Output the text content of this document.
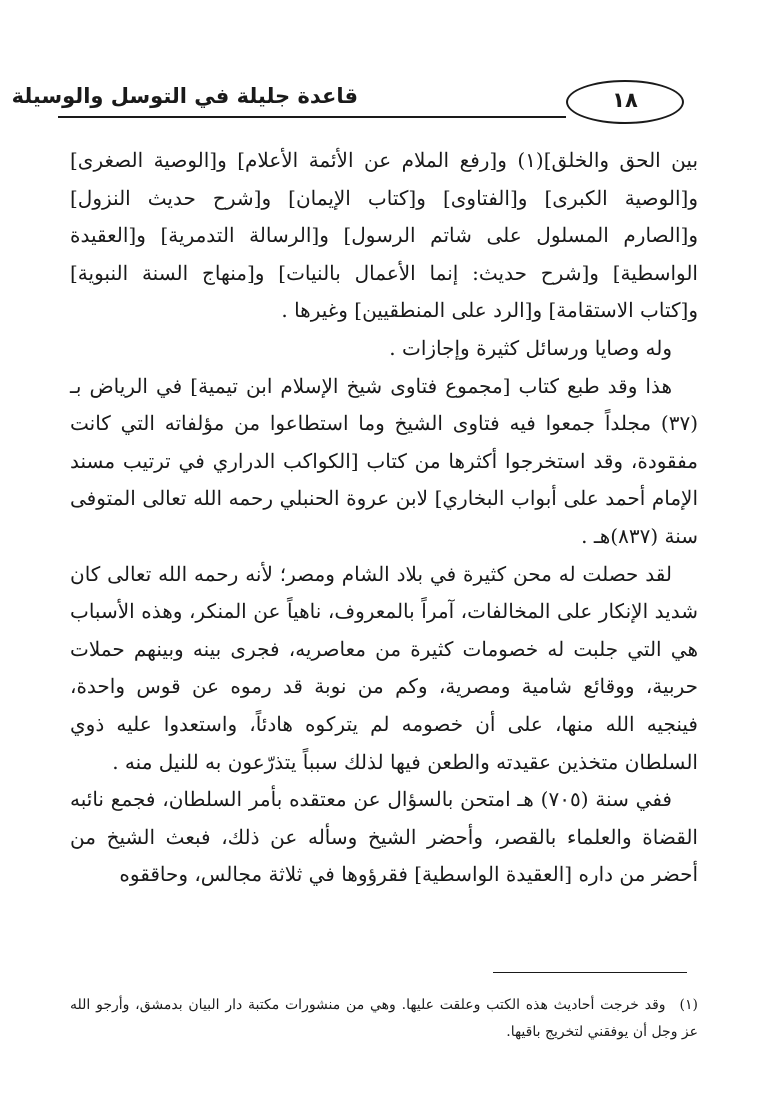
قاعدة جليلة في التوسل والوسيلة	١٨

بين الحق والخلق](١) و[رفع الملام عن الأئمة الأعلام] و[الوصية الصغرى] و[الوصية الكبرى] و[الفتاوى] و[كتاب الإيمان] و[شرح حديث النزول] و[الصارم المسلول على شاتم الرسول] و[الرسالة التدمرية] و[العقيدة الواسطية] و[شرح حديث: إنما الأعمال بالنيات] و[منهاج السنة النبوية] و[كتاب الاستقامة] و[الرد على المنطقيين] وغيرها .

وله وصايا ورسائل كثيرة وإجازات .

هذا وقد طبع كتاب [مجموع فتاوى شيخ الإسلام ابن تيمية] في الرياض بـ (٣٧) مجلداً جمعوا فيه فتاوى الشيخ وما استطاعوا من مؤلفاته التي كانت مفقودة، وقد استخرجوا أكثرها من كتاب [الكواكب الدراري في ترتيب مسند الإمام أحمد على أبواب البخاري] لابن عروة الحنبلي رحمه الله تعالى المتوفى سنة (٨٣٧)هـ .

لقد حصلت له محن كثيرة في بلاد الشام ومصر؛ لأنه رحمه الله تعالى كان شديد الإنكار على المخالفات، آمراً بالمعروف، ناهياً عن المنكر، وهذه الأسباب هي التي جلبت له خصومات كثيرة من معاصريه، فجرى بينه وبينهم حملات حربية، ووقائع شامية ومصرية، وكم من نوبة قد رموه عن قوس واحدة، فينجيه الله منها، على أن خصومه لم يتركوه هادئاً، واستعدوا عليه ذوي السلطان متخذين عقيدته والطعن فيها لذلك سبباً يتذرّعون به للنيل منه .

ففي سنة (٧٠٥) هـ امتحن بالسؤال عن معتقده بأمر السلطان، فجمع نائبه القضاة والعلماء بالقصر، وأحضر الشيخ وسأله عن ذلك، فبعث الشيخ من أحضر من داره [العقيدة الواسطية] فقرؤوها في ثلاثة مجالس، وحاققوه

(١)وقد خرجت أحاديث هذه الكتب وعلقت عليها. وهي من منشورات مكتبة دار البيان بدمشق، وأرجو الله عز وجل أن يوفقني لتخريج باقيها.
